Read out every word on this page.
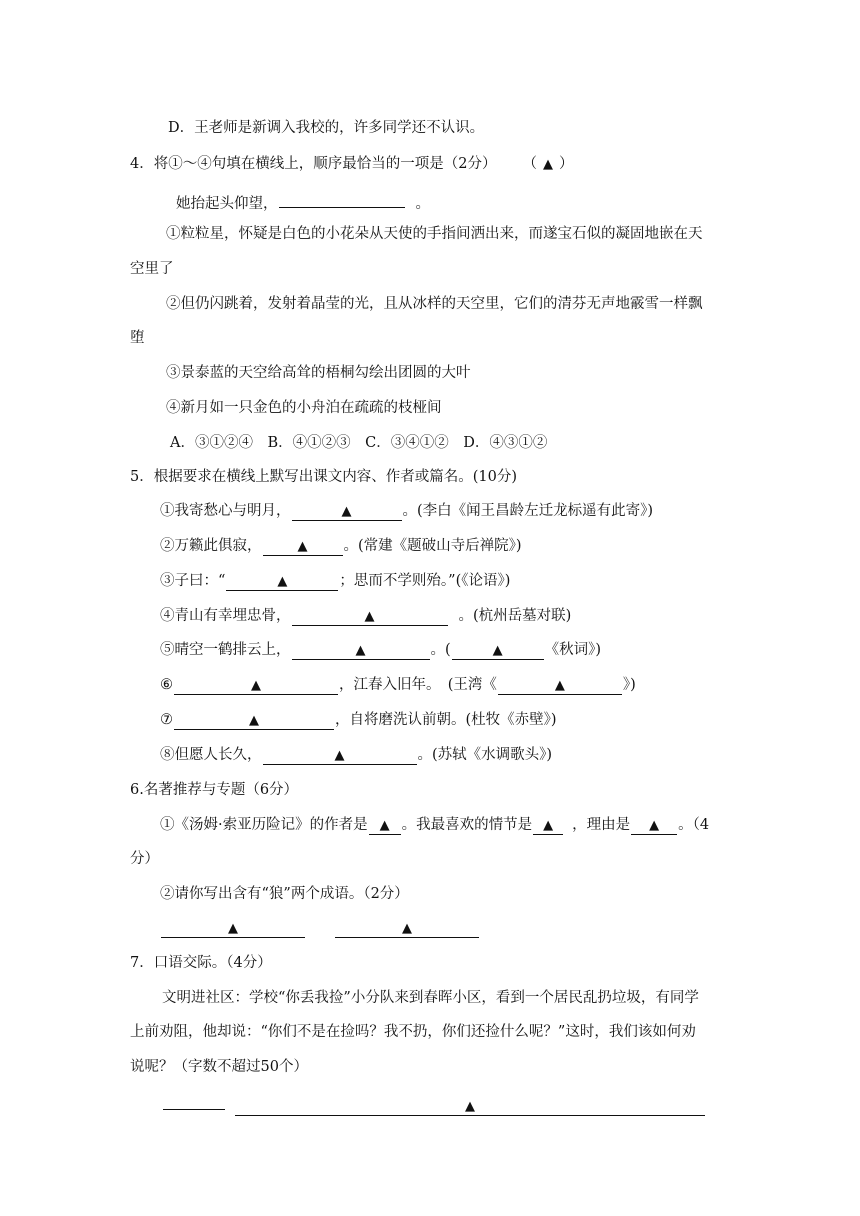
D．王老师是新调入我校的，许多同学还不认识。
4．将①～④句填在横线上，顺序最恰当的一项是（2分） （ ▲ ）
她抬起头仰望，	。
①粒粒星，怀疑是白色的小花朵从天使的手指间洒出来，而遂宝石似的凝固地嵌在天
空里了
②但仍闪跳着，发射着晶莹的光，且从冰样的天空里，它们的清芬无声地霰雪一样飘
堕
③景泰蓝的天空给高耸的梧桐勾绘出团圆的大叶
④新月如一只金色的小舟泊在疏疏的枝桠间
A．③①②④　B．④①②③　C．③④①②　D．④③①②
5．根据要求在横线上默写出课文内容、作者或篇名。(10分)
①我寄愁心与明月，	▲	。(李白《闻王昌龄左迁龙标遥有此寄》)
②万籁此俱寂，	▲ 。(常建《题破山寺后禅院》)
③子曰：“	▲	；思而不学则殆。”(《论语》)
④青山有幸埋忠骨，	▲	。(杭州岳墓对联)
⑤晴空一鹤排云上，	▲	。(	▲	《秋词》)
⑥	▲	，江春入旧年。　(王湾《	▲	》)
⑦	▲	，自将磨洗认前朝。(杜牧《赤壁》)
⑧但愿人长久，	▲	。(苏轼《水调歌头》)
6.名著推荐与专题（6分）
①《汤姆·索亚历险记》的作者是 ▲ 。我最喜欢的情节是 ▲ ，理由是 ▲ 。（4
分）
②请你写出含有“狼”两个成语。（2分）
▲	▲
7．口语交际。（4分）
文明进社区：学校“你丢我捡”小分队来到春晖小区，看到一个居民乱扔垃圾，有同学
上前劝阻，他却说：“你们不是在捡吗？我不扔，你们还捡什么呢？”这时，我们该如何劝
说呢？（字数不超过50个）
▲
